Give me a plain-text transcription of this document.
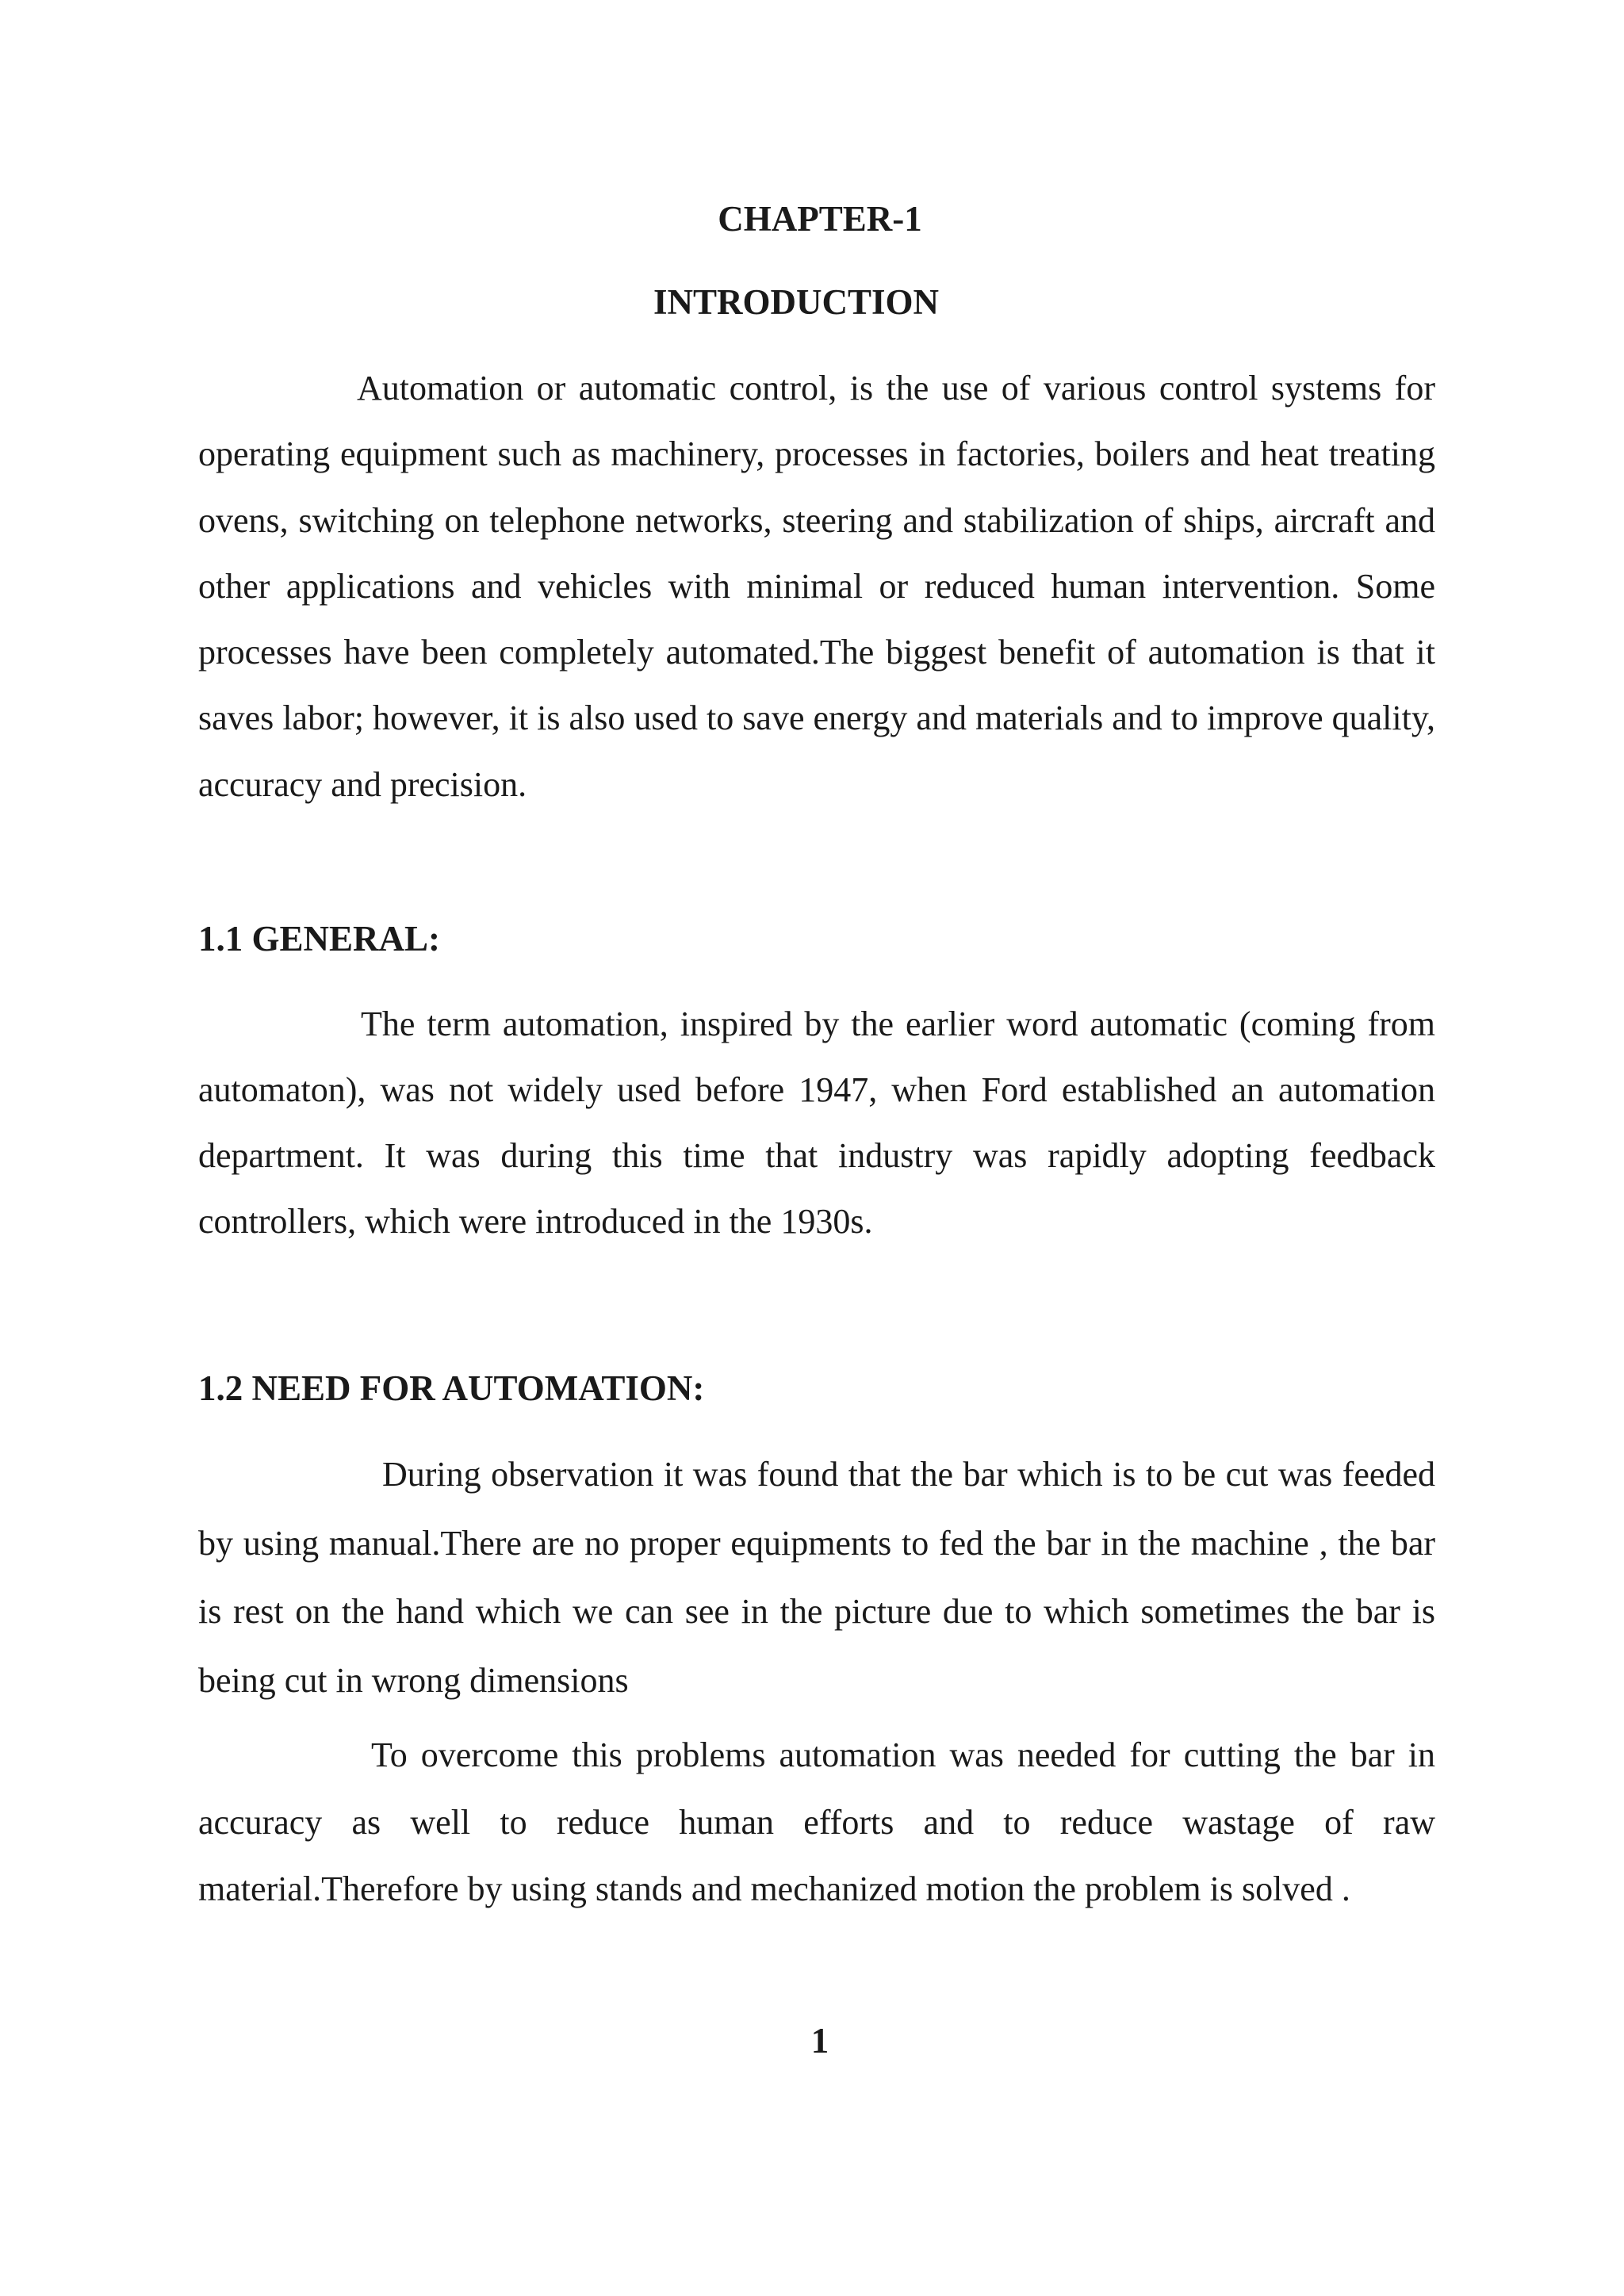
CHAPTER-1
INTRODUCTION

Automation or automatic control, is the use of various control systems for operating equipment such as machinery, processes in factories, boilers and heat treating ovens, switching on telephone networks, steering and stabilization of ships, aircraft and other applications and vehicles with minimal or reduced human intervention. Some processes have been completely automated.The biggest benefit of automation is that it saves labor; however, it is also used to save energy and materials and to improve quality, accuracy and precision.

1.1 GENERAL:

The term automation, inspired by the earlier word automatic (coming from automaton), was not widely used before 1947, when Ford established an automation department. It was during this time that industry was rapidly adopting feedback controllers, which were introduced in the 1930s.

1.2 NEED FOR AUTOMATION:

During observation it was found that the bar which is to be cut was feeded by using manual.There are no proper equipments to fed the bar in the machine , the bar is rest on the hand which we can see in the picture due to which sometimes the bar is being cut in wrong dimensions

To overcome this problems automation was needed for cutting the bar in accuracy as well to reduce human efforts and to reduce wastage of raw material.Therefore by using stands and mechanized motion the problem is solved .

1
